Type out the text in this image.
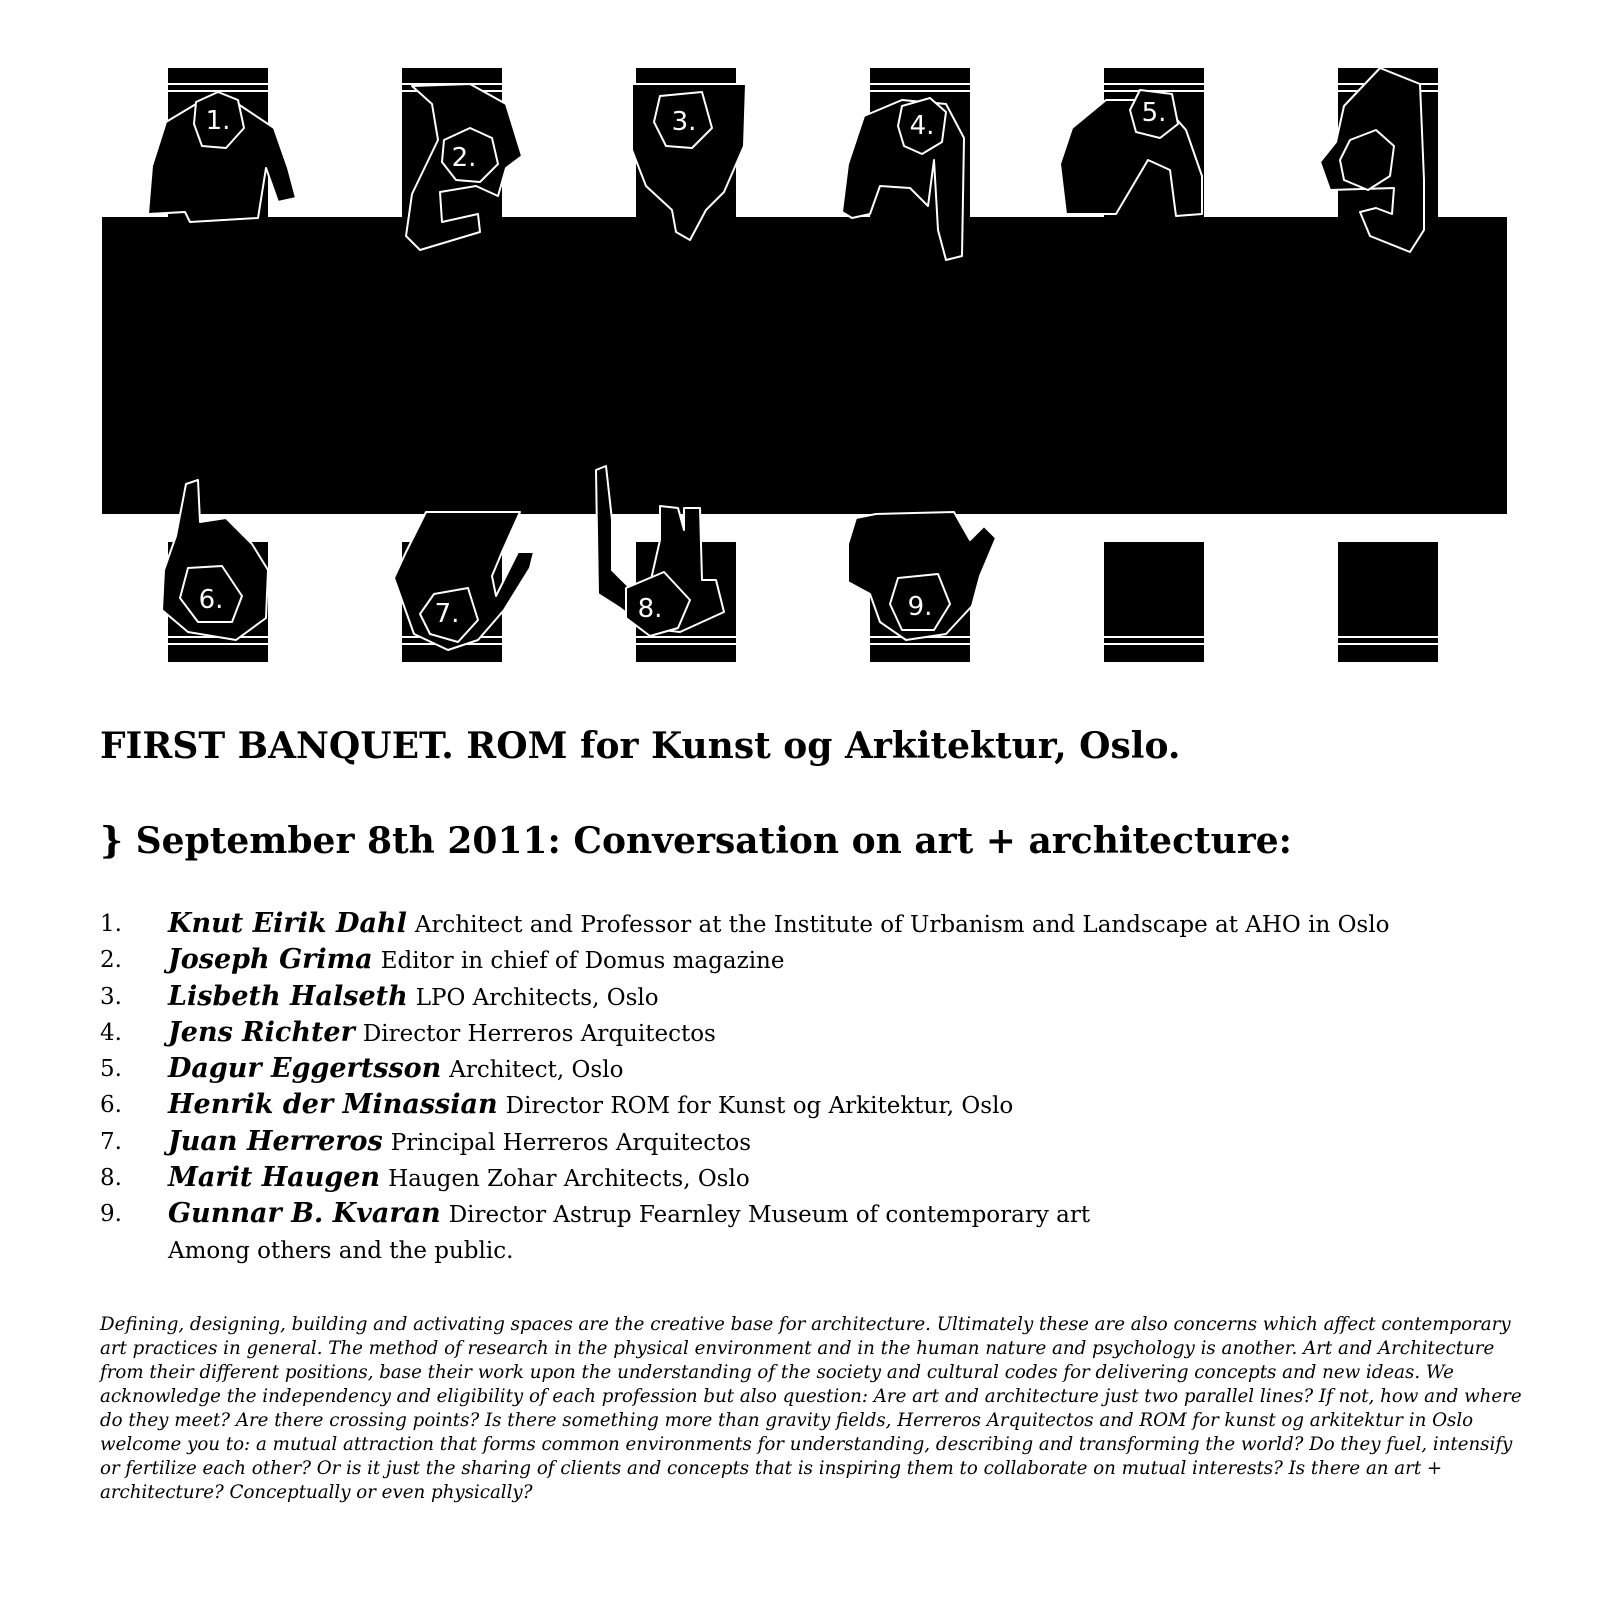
1.
2.
3.	4.	5.
6.	7.	8.	9.
FIRST BANQUET. ROM for Kunst og Arkitektur, Oslo.
} September 8th 2011: Conversation on art + architecture:
1. Knut Eirik Dahl Architect and Professor at the Institute of Urbanism and Landscape at AHO in Oslo
2. Joseph Grima Editor in chief of Domus magazine
3. Lisbeth Halseth LPO Architects, Oslo
4. Jens Richter Director Herreros Arquitectos
5. Dagur Eggertsson Architect, Oslo
6. Henrik der Minassian Director ROM for Kunst og Arkitektur, Oslo
7. Juan Herreros Principal Herreros Arquitectos
8. Marit Haugen Haugen Zohar Architects, Oslo
9. Gunnar B. Kvaran Director Astrup Fearnley Museum of contemporary art
Among others and the public.
Defining, designing, building and activating spaces are the creative base for architecture. Ultimately these are also concerns which affect contemporary art practices in general. The method of research in the physical environment and in the human nature and psychology is another. Art and Architecture from their different positions, base their work upon the understanding of the society and cultural codes for delivering concepts and new ideas. We acknowledge the independency and eligibility of each profession but also question: Are art and architecture just two parallel lines? If not, how and where do they meet? Are there crossing points? Is there something more than gravity fields, Herreros Arquitectos and ROM for kunst og arkitektur in Oslo welcome you to: a mutual attraction that forms common environments for understanding, describing and transforming the world? Do they fuel, intensify or fertilize each other? Or is it just the sharing of clients and concepts that is inspiring them to collaborate on mutual interests? Is there an art + architecture? Conceptually or even physically?
